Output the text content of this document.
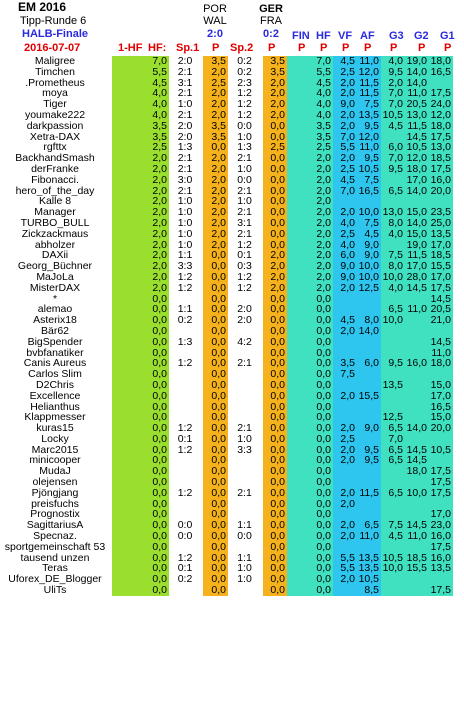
EM 2016
Tipp-Runde 6
HALB-Finale
2016-07-07
POR
WAL
2:0
GER
FRA
0:2	FIN HF VF AF G3 G2 G1
1-HF HF: Sp.1 P Sp.2 P P P P P P P P
Maligree		7,0	2:0	3,5	0:2	3,5		7,0	4,5	11,0	4,0	19,0	18,0
Timchen		5,5	2:1	2,0	0:2	3,5		5,5	2,5	12,0	9,5	14,0	16,5
.Prometheus		4,5	3:1	2,5	2:3	2,0		4,5	2,0	11,5	2,0	14,0	
moya		4,0	2:1	2,0	1:2	2,0		4,0	2,0	11,5	7,0	11,0	17,5
Tiger		4,0	1:0	2,0	1:2	2,0		4,0	9,0	7,5	7,0	20,5	24,0
youmake222		4,0	2:1	2,0	1:2	2,0		4,0	2,0	13,5	10,5	13,0	12,0
darkpassion		3,5	2:0	3,5	0:0	0,0		3,5	2,0	9,5	4,5	11,5	18,0
Xetra-DAX		3,5	2:0	3,5	1:0	0,0		3,5	7,0	12,0		14,5	17,5
rgfttx		2,5	1:3	0,0	1:3	2,5		2,5	5,5	11,0	6,0	10,5	13,0
BackhandSmash		2,0	2:1	2,0	2:1	0,0		2,0	2,0	9,5	7,0	12,0	18,5
derFranke		2,0	2:1	2,0	1:0	0,0		2,0	2,5	10,5	9,5	18,0	17,5
Fibonacci.		2,0	3:0	2,0	0:0	0,0		2,0	4,5	7,5		17,0	16,0
hero_of_the_day		2,0	2:1	2,0	2:1	0,0		2,0	7,0	16,5	6,5	14,0	20,0
Kalle 8		2,0	1:0	2,0	1:0	0,0		2,0					
Manager		2,0	1:0	2,0	2:1	0,0		2,0	2,0	10,0	13,0	15,0	23,5
TURBO_BULL		2,0	1:0	2,0	3:1	0,0		2,0	4,0	7,5	8,0	14,0	25,0
Zickzackmaus		2,0	1:0	2,0	2:1	0,0		2,0	2,5	4,5	4,0	15,0	13,5
abholzer		2,0	1:0	2,0	1:2	0,0		2,0	4,0	9,0		19,0	17,0
DAXii		2,0	1:1	0,0	0:1	2,0		2,0	6,0	9,0	7,5	11,5	18,5
Georg_Büchner		2,0	3:3	0,0	0:3	2,0		2,0	9,0	10,0	8,0	17,0	15,5
MaJoLa		2,0	1:2	0,0	1:2	2,0		2,0	9,0	10,0	10,0	28,0	17,0
MisterDAX		2,0	1:2	0,0	1:2	2,0		2,0	2,0	12,5	4,0	14,5	17,5
*		0,0		0,0		0,0		0,0					14,5
alemao		0,0	1:1	0,0	2:0	0,0		0,0			6,5	11,0	20,5
Asterix18		0,0	0:2	0,0	2:0	0,0		0,0	4,5	8,0	10,0		21,0
Bär62		0,0		0,0		0,0		0,0	2,0	14,0			
BigSpender		0,0	1:3	0,0	4:2	0,0		0,0					14,5
bvbfanatiker		0,0		0,0		0,0		0,0					11,0
Canis Aureus		0,0	1:2	0,0	2:1	0,0		0,0	3,5	6,0	9,5	16,0	18,0
Carlos Slim		0,0		0,0		0,0		0,0	7,5				
D2Chris		0,0		0,0		0,0		0,0			13,5		15,0
Excellence		0,0		0,0		0,0		0,0	2,0	15,5			17,0
Helianthus		0,0		0,0		0,0		0,0					16,5
Klappmesser		0,0		0,0		0,0		0,0			12,5		15,0
kuras15		0,0	1:2	0,0	2:1	0,0		0,0	2,0	9,0	6,5	14,0	20,0
Locky		0,0	0:1	0,0	1:0	0,0		0,0	2,5		7,0		
Marc2015		0,0	1:2	0,0	3:3	0,0		0,0	2,0	9,5	6,5	14,5	10,5
minicooper		0,0		0,0		0,0		0,0	2,0	9,5	6,5	14,5	
MudaJ		0,0		0,0		0,0		0,0				18,0	17,5
olejensen		0,0		0,0		0,0		0,0					17,5
Pjöngjang		0,0	1:2	0,0	2:1	0,0		0,0	2,0	11,5	6,5	10,0	17,5
preisfuchs		0,0		0,0		0,0		0,0	2,0				
Prognostix		0,0		0,0		0,0		0,0					17,0
SagittariusA		0,0	0:0	0,0	1:1	0,0		0,0	2,0	6,5	7,5	14,5	23,0
Specnaz.		0,0	0:0	0,0	0:0	0,0		0,0	2,0	11,0	4,5	11,0	16,0
sportgemeinschaft 53		0,0		0,0		0,0		0,0					17,5
tausend unzen		0,0	1:2	0,0	1:1	0,0		0,0	5,5	13,5	10,5	18,5	16,0
Teras		0,0	0:1	0,0	1:0	0,0		0,0	5,5	13,5	10,0	15,5	13,5
Uforex_DE_Blogger		0,0	0:2	0,0	1:0	0,0		0,0	2,0	10,5			
UliTs		0,0		0,0		0,0		0,0		8,5			17,5
